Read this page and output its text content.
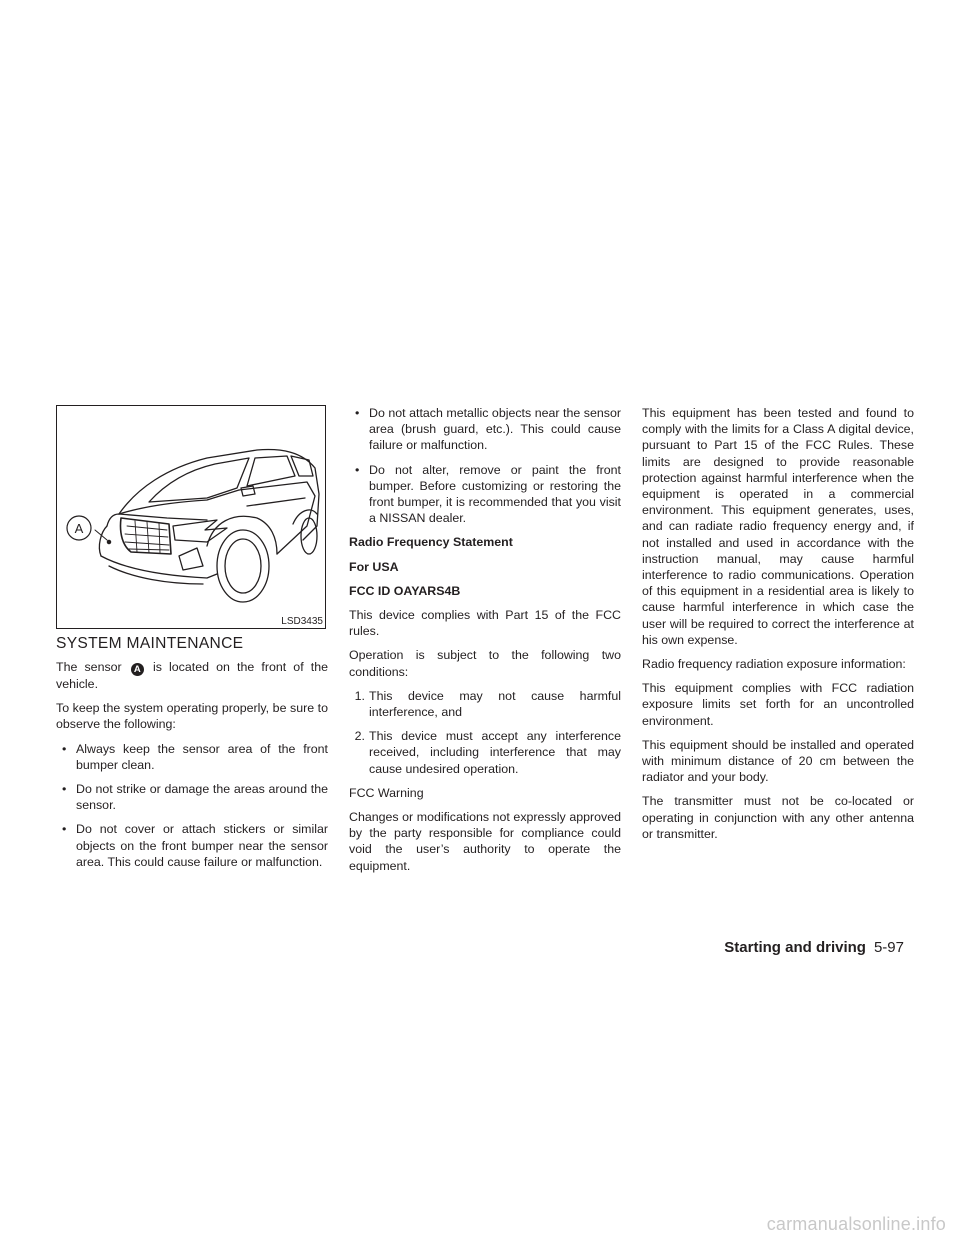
A
LSD3435
SYSTEM MAINTENANCE

The sensor A is located on the front of the vehicle.

To keep the system operating properly, be sure to observe the following:

• Always keep the sensor area of the front bumper clean.
• Do not strike or damage the areas around the sensor.
• Do not cover or attach stickers or similar objects on the front bumper near the sensor area. This could cause failure or malfunction.
• Do not attach metallic objects near the sensor area (brush guard, etc.). This could cause failure or malfunction.
• Do not alter, remove or paint the front bumper. Before customizing or restoring the front bumper, it is recommended that you visit a NISSAN dealer.

Radio Frequency Statement

For USA

FCC ID OAYARS4B

This device complies with Part 15 of the FCC rules.

Operation is subject to the following two conditions:

1. This device may not cause harmful interference, and
2. This device must accept any interference received, including interference that may cause undesired operation.

FCC Warning

Changes or modifications not expressly approved by the party responsible for compliance could void the user’s authority to operate the equipment.

This equipment has been tested and found to comply with the limits for a Class A digital device, pursuant to Part 15 of the FCC Rules. These limits are designed to provide reasonable protection against harmful interference when the equipment is operated in a commercial environment. This equipment generates, uses, and can radiate radio frequency energy and, if not installed and used in accordance with the instruction manual, may cause harmful interference to radio communications. Operation of this equipment in a residential area is likely to cause harmful interference in which case the user will be required to correct the interference at his own expense.

Radio frequency radiation exposure information:

This equipment complies with FCC radiation exposure limits set forth for an uncontrolled environment.

This equipment should be installed and operated with minimum distance of 20 cm between the radiator and your body.

The transmitter must not be co-located or operating in conjunction with any other antenna or transmitter.

Starting and driving 5-97
carmanualsonline.info
